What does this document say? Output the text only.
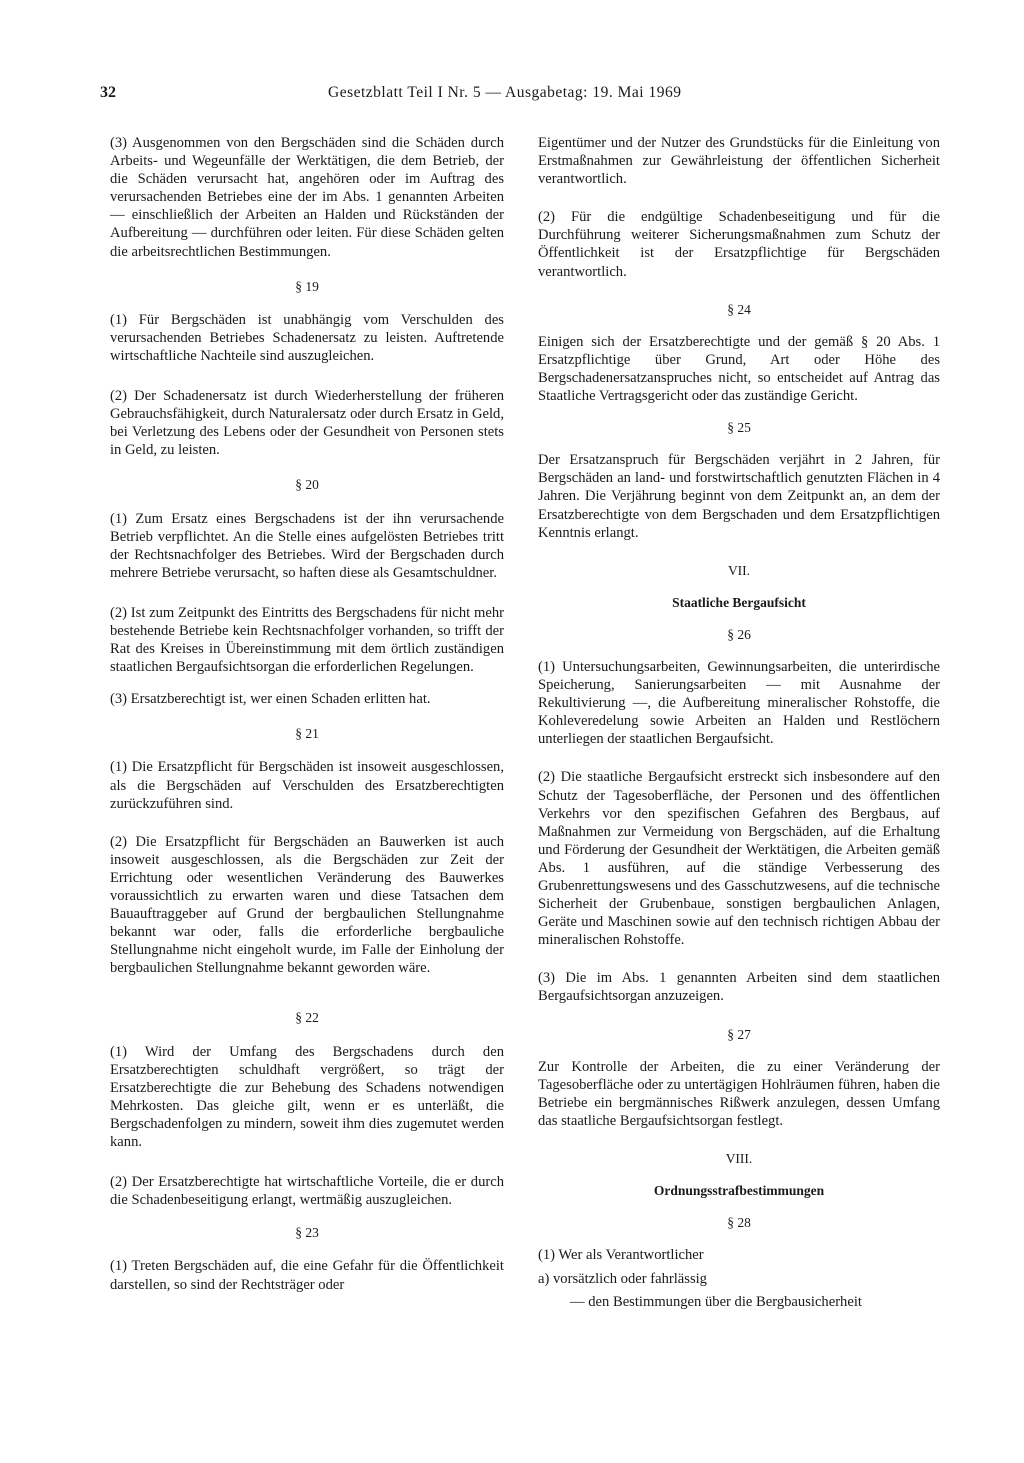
32	Gesetzblatt Teil I Nr. 5 — Ausgabetag: 19. Mai 1969

(3) Ausgenommen von den Bergschäden sind die Schäden durch Arbeits- und Wegeunfälle der Werktätigen, die dem Betrieb, der die Schäden verursacht hat, angehören oder im Auftrag des verursachenden Betriebes eine der im Abs. 1 genannten Arbeiten — einschließlich der Arbeiten an Halden und Rückständen der Aufbereitung — durchführen oder leiten. Für diese Schäden gelten die arbeitsrechtlichen Bestimmungen.

§ 19

(1) Für Bergschäden ist unabhängig vom Verschulden des verursachenden Betriebes Schadenersatz zu leisten. Auftretende wirtschaftliche Nachteile sind auszugleichen.

(2) Der Schadenersatz ist durch Wiederherstellung der früheren Gebrauchsfähigkeit, durch Naturalersatz oder durch Ersatz in Geld, bei Verletzung des Lebens oder der Gesundheit von Personen stets in Geld, zu leisten.

§ 20

(1) Zum Ersatz eines Bergschadens ist der ihn verursachende Betrieb verpflichtet. An die Stelle eines aufgelösten Betriebes tritt der Rechtsnachfolger des Betriebes. Wird der Bergschaden durch mehrere Betriebe verursacht, so haften diese als Gesamtschuldner.

(2) Ist zum Zeitpunkt des Eintritts des Bergschadens für nicht mehr bestehende Betriebe kein Rechtsnachfolger vorhanden, so trifft der Rat des Kreises in Übereinstimmung mit dem örtlich zuständigen staatlichen Bergaufsichtsorgan die erforderlichen Regelungen.

(3) Ersatzberechtigt ist, wer einen Schaden erlitten hat.

§ 21

(1) Die Ersatzpflicht für Bergschäden ist insoweit ausgeschlossen, als die Bergschäden auf Verschulden des Ersatzberechtigten zurückzuführen sind.

(2) Die Ersatzpflicht für Bergschäden an Bauwerken ist auch insoweit ausgeschlossen, als die Bergschäden zur Zeit der Errichtung oder wesentlichen Veränderung des Bauwerkes voraussichtlich zu erwarten waren und diese Tatsachen dem Bauauftraggeber auf Grund der bergbaulichen Stellungnahme bekannt war oder, falls die erforderliche bergbauliche Stellungnahme nicht eingeholt wurde, im Falle der Einholung der bergbaulichen Stellungnahme bekannt geworden wäre.

§ 22

(1) Wird der Umfang des Bergschadens durch den Ersatzberechtigten schuldhaft vergrößert, so trägt der Ersatzberechtigte die zur Behebung des Schadens notwendigen Mehrkosten. Das gleiche gilt, wenn er es unterläßt, die Bergschadenfolgen zu mindern, soweit ihm dies zugemutet werden kann.

(2) Der Ersatzberechtigte hat wirtschaftliche Vorteile, die er durch die Schadenbeseitigung erlangt, wertmäßig auszugleichen.

§ 23

(1) Treten Bergschäden auf, die eine Gefahr für die Öffentlichkeit darstellen, so sind der Rechtsträger oder

Eigentümer und der Nutzer des Grundstücks für die Einleitung von Erstmaßnahmen zur Gewährleistung der öffentlichen Sicherheit verantwortlich.

(2) Für die endgültige Schadenbeseitigung und für die Durchführung weiterer Sicherungsmaßnahmen zum Schutz der Öffentlichkeit ist der Ersatzpflichtige für Bergschäden verantwortlich.

§ 24

Einigen sich der Ersatzberechtigte und der gemäß § 20 Abs. 1 Ersatzpflichtige über Grund, Art oder Höhe des Bergschadenersatzanspruches nicht, so entscheidet auf Antrag das Staatliche Vertragsgericht oder das zuständige Gericht.

§ 25

Der Ersatzanspruch für Bergschäden verjährt in 2 Jahren, für Bergschäden an land- und forstwirtschaftlich genutzten Flächen in 4 Jahren. Die Verjährung beginnt von dem Zeitpunkt an, an dem der Ersatzberechtigte von dem Bergschaden und dem Ersatzpflichtigen Kenntnis erlangt.

VII.

Staatliche Bergaufsicht

§ 26

(1) Untersuchungsarbeiten, Gewinnungsarbeiten, die unterirdische Speicherung, Sanierungsarbeiten — mit Ausnahme der Rekultivierung —, die Aufbereitung mineralischer Rohstoffe, die Kohleveredelung sowie Arbeiten an Halden und Restlöchern unterliegen der staatlichen Bergaufsicht.

(2) Die staatliche Bergaufsicht erstreckt sich insbesondere auf den Schutz der Tagesoberfläche, der Personen und des öffentlichen Verkehrs vor den spezifischen Gefahren des Bergbaus, auf Maßnahmen zur Vermeidung von Bergschäden, auf die Erhaltung und Förderung der Gesundheit der Werktätigen, die Arbeiten gemäß Abs. 1 ausführen, auf die ständige Verbesserung des Grubenrettungswesens und des Gasschutzwesens, auf die technische Sicherheit der Grubenbaue, sonstigen bergbaulichen Anlagen, Geräte und Maschinen sowie auf den technisch richtigen Abbau der mineralischen Rohstoffe.

(3) Die im Abs. 1 genannten Arbeiten sind dem staatlichen Bergaufsichtsorgan anzuzeigen.

§ 27

Zur Kontrolle der Arbeiten, die zu einer Veränderung der Tagesoberfläche oder zu untertägigen Hohlräumen führen, haben die Betriebe ein bergmännisches Rißwerk anzulegen, dessen Umfang das staatliche Bergaufsichtsorgan festlegt.

VIII.

Ordnungsstrafbestimmungen

§ 28

(1) Wer als Verantwortlicher

a) vorsätzlich oder fahrlässig

— den Bestimmungen über die Bergbausicherheit
